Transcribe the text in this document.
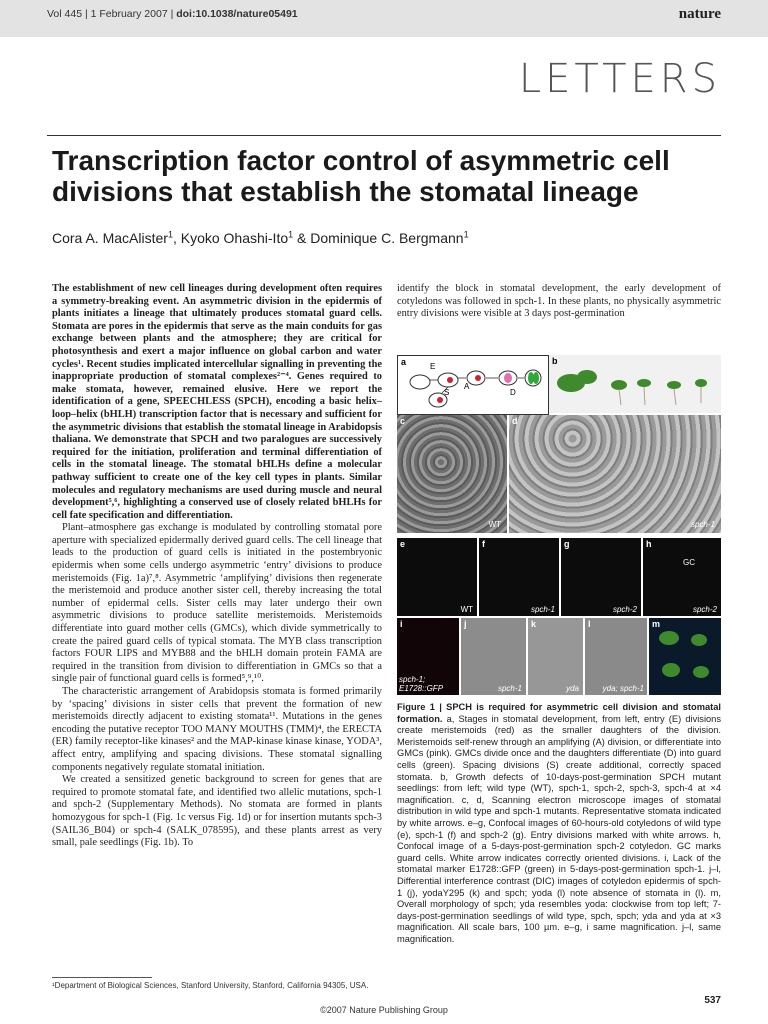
Vol 445 | 1 February 2007 | doi:10.1038/nature05491	nature
LETTERS
Transcription factor control of asymmetric cell divisions that establish the stomatal lineage
Cora A. MacAlister$^1$, Kyoko Ohashi-Ito$^1$ & Dominique C. Bergmann$^1$

The establishment of new cell lineages during development often requires a symmetry-breaking event. An asymmetric division in the epidermis of plants initiates a lineage that ultimately produces stomatal guard cells. Stomata are pores in the epidermis that serve as the main conduits for gas exchange between plants and the atmosphere; they are critical for photosynthesis and exert a major influence on global carbon and water cycles¹. Recent studies implicated intercellular signalling in preventing the inappropriate production of stomatal complexes²⁻⁴. Genes required to make stomata, however, remained elusive. Here we report the identification of a gene, SPEECHLESS (SPCH), encoding a basic helix–loop–helix (bHLH) transcription factor that is necessary and sufficient for the asymmetric divisions that establish the stomatal lineage in Arabidopsis thaliana. We demonstrate that SPCH and two paralogues are successively required for the initiation, proliferation and terminal differentiation of cells in the stomatal lineage. The stomatal bHLHs define a molecular pathway sufficient to create one of the key cell types in plants. Similar molecules and regulatory mechanisms are used during muscle and neural development⁵,⁶, highlighting a conserved use of closely related bHLHs for cell fate specification and differentiation.

Plant–atmosphere gas exchange is modulated by controlling stomatal pore aperture with specialized epidermally derived guard cells. The cell lineage that leads to the production of guard cells is initiated in the postembryonic epidermis when some cells undergo asymmetric ‘entry’ divisions to produce meristemoids (Fig. 1a)⁷,⁸. Asymmetric ‘amplifying’ divisions then regenerate the meristemoid and produce another sister cell, thereby increasing the total number of epidermal cells. Sister cells may later undergo their own asymmetric divisions to produce satellite meristemoids. Meristemoids differentiate into guard mother cells (GMCs), which divide symmetrically to create the paired guard cells of typical stomata. The MYB class transcription factors FOUR LIPS and MYB88 and the bHLH domain protein FAMA are required in the transition from division to differentiation in GMCs so that a single pair of functional guard cells is formed⁵,⁹,¹⁰.

The characteristic arrangement of Arabidopsis stomata is formed primarily by ‘spacing’ divisions in sister cells that prevent the formation of new meristemoids directly adjacent to existing stomata¹¹. Mutations in the genes encoding the putative receptor TOO MANY MOUTHS (TMM)⁴, the ERECTA (ER) family receptor-like kinases² and the MAP-kinase kinase kinase, YODA³, affect entry, amplifying and spacing divisions. These stomatal signalling components negatively regulate stomatal initiation.

We created a sensitized genetic background to screen for genes that are required to promote stomatal fate, and identified two allelic mutations, spch-1 and spch-2 (Supplementary Methods). No stomata are formed in plants homozygous for spch-1 (Fig. 1c versus Fig. 1d) or for insertion mutants spch-3 (SAIL36_B04) or spch-4 (SALK_078595), and these plants arrest as very small, pale seedlings (Fig. 1b). To

identify the block in stomatal development, the early development of cotyledons was followed in spch-1. In these plants, no physically asymmetric entry divisions were visible at 3 days post-germination

a	E
S
A
D
b
c
WT
d
spch-1
e
WT
f
spch-1
g
spch-2
h
GC
spch-2
i
spch-1; E1728::GFP
j
spch-1
k
yda
l
yda; spch-1
m
Figure 1 | SPCH is required for asymmetric cell division and stomatal formation. a, Stages in stomatal development, from left, entry (E) divisions create meristemoids (red) as the smaller daughters of the division. Meristemoids self-renew through an amplifying (A) division, or differentiate into GMCs (pink). GMCs divide once and the daughters differentiate (D) into guard cells (green). Spacing divisions (S) create additional, correctly spaced stomata. b, Growth defects of 10-days-post-germination SPCH mutant seedlings: from left; wild type (WT), spch-1, spch-2, spch-3, spch-4 at ×4 magnification. c, d, Scanning electron microscope images of stomatal distribution in wild type and spch-1 mutants. Representative stomata indicated by white arrows. e–g, Confocal images of 60-hours-old cotyledons of wild type (e), spch-1 (f) and spch-2 (g). Entry divisions marked with white arrows. h, Confocal image of a 5-days-post-germination spch-2 cotyledon. GC marks guard cells. White arrow indicates correctly oriented divisions. i, Lack of the stomatal marker E1728::GFP (green) in 5-days-post-germination spch-1. j–l, Differential interference contrast (DIC) images of cotyledon epidermis of spch-1 (j), yodaY295 (k) and spch; yoda (l) note absence of stomata in (l). m, Overall morphology of spch; yda resembles yoda: clockwise from top left; 7-days-post-germination seedlings of wild type, spch, spch; yda and yda at ×3 magnification. All scale bars, 100 µm. e–g, i same magnification. j–l, same magnification.
¹Department of Biological Sciences, Stanford University, Stanford, California 94305, USA.
537
©2007 Nature Publishing Group
